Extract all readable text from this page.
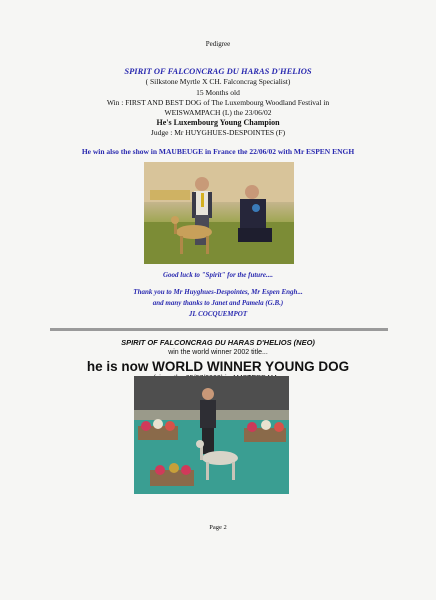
Pedigree
SPIRIT OF FALCONCRAG DU HARAS D'HELIOS
( Silkstone Myrtle X CH. Falconcrag Specialist)
15 Months old
Win : FIRST AND BEST DOG of The Luxembourg Woodland Festival in
WEISWAMPACH (L) the 23/06/02
He's Luxembourg Young Champion
Judge : Mr HUYGHUES-DESPOINTES (F)
He win also the show in MAUBEUGE in France the 22/06/02 with Mr ESPEN ENGH
Good luck to "Spirit" for the future....
Thank you to Mr Huyghues-Despointes, Mr Espen Engh...
and many thanks to Janet and Pamela (G.B.)
JL COCQUEMPOT
SPIRIT OF FALCONCRAG DU HARAS D'HELIOS (NEO)
win the world winner 2002 title...
he is now WORLD WINNER YOUNG DOG
Page 2
